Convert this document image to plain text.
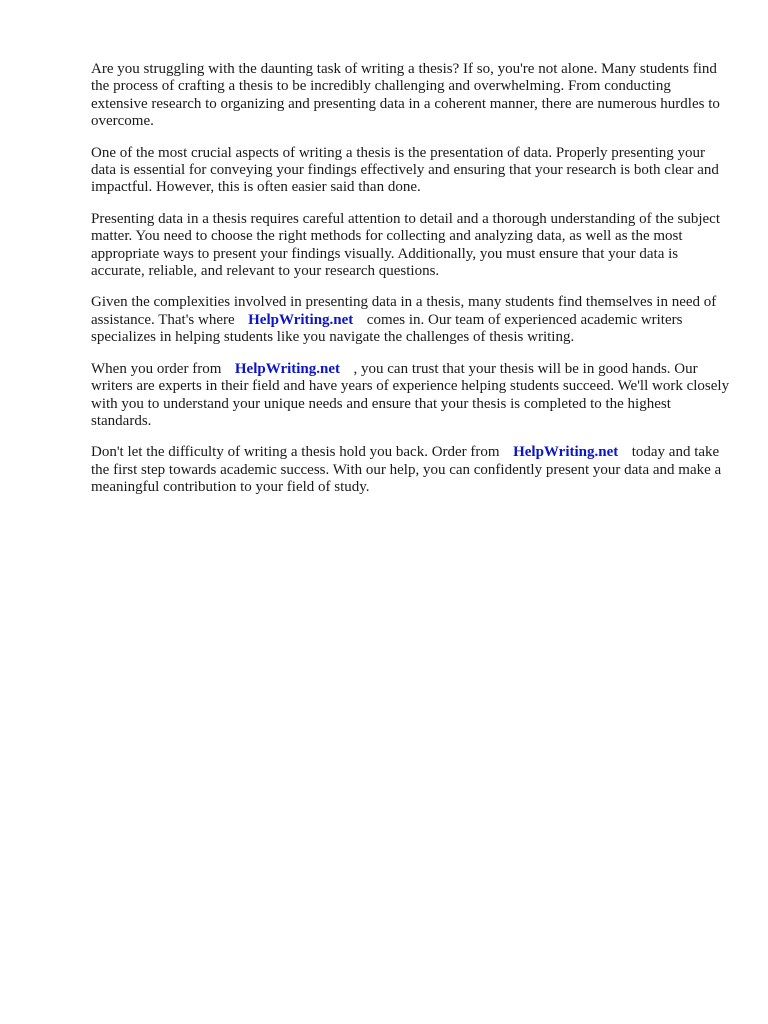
Are you struggling with the daunting task of writing a thesis? If so, you're not alone. Many students find the process of crafting a thesis to be incredibly challenging and overwhelming. From conducting extensive research to organizing and presenting data in a coherent manner, there are numerous hurdles to overcome.

One of the most crucial aspects of writing a thesis is the presentation of data. Properly presenting your data is essential for conveying your findings effectively and ensuring that your research is both clear and impactful. However, this is often easier said than done.

Presenting data in a thesis requires careful attention to detail and a thorough understanding of the subject matter. You need to choose the right methods for collecting and analyzing data, as well as the most appropriate ways to present your findings visually. Additionally, you must ensure that your data is accurate, reliable, and relevant to your research questions.

Given the complexities involved in presenting data in a thesis, many students find themselves in need of assistance. That's where HelpWriting.net comes in. Our team of experienced academic writers specializes in helping students like you navigate the challenges of thesis writing.

When you order from HelpWriting.net , you can trust that your thesis will be in good hands. Our writers are experts in their field and have years of experience helping students succeed. We'll work closely with you to understand your unique needs and ensure that your thesis is completed to the highest standards.

Don't let the difficulty of writing a thesis hold you back. Order from HelpWriting.net today and take the first step towards academic success. With our help, you can confidently present your data and make a meaningful contribution to your field of study.
